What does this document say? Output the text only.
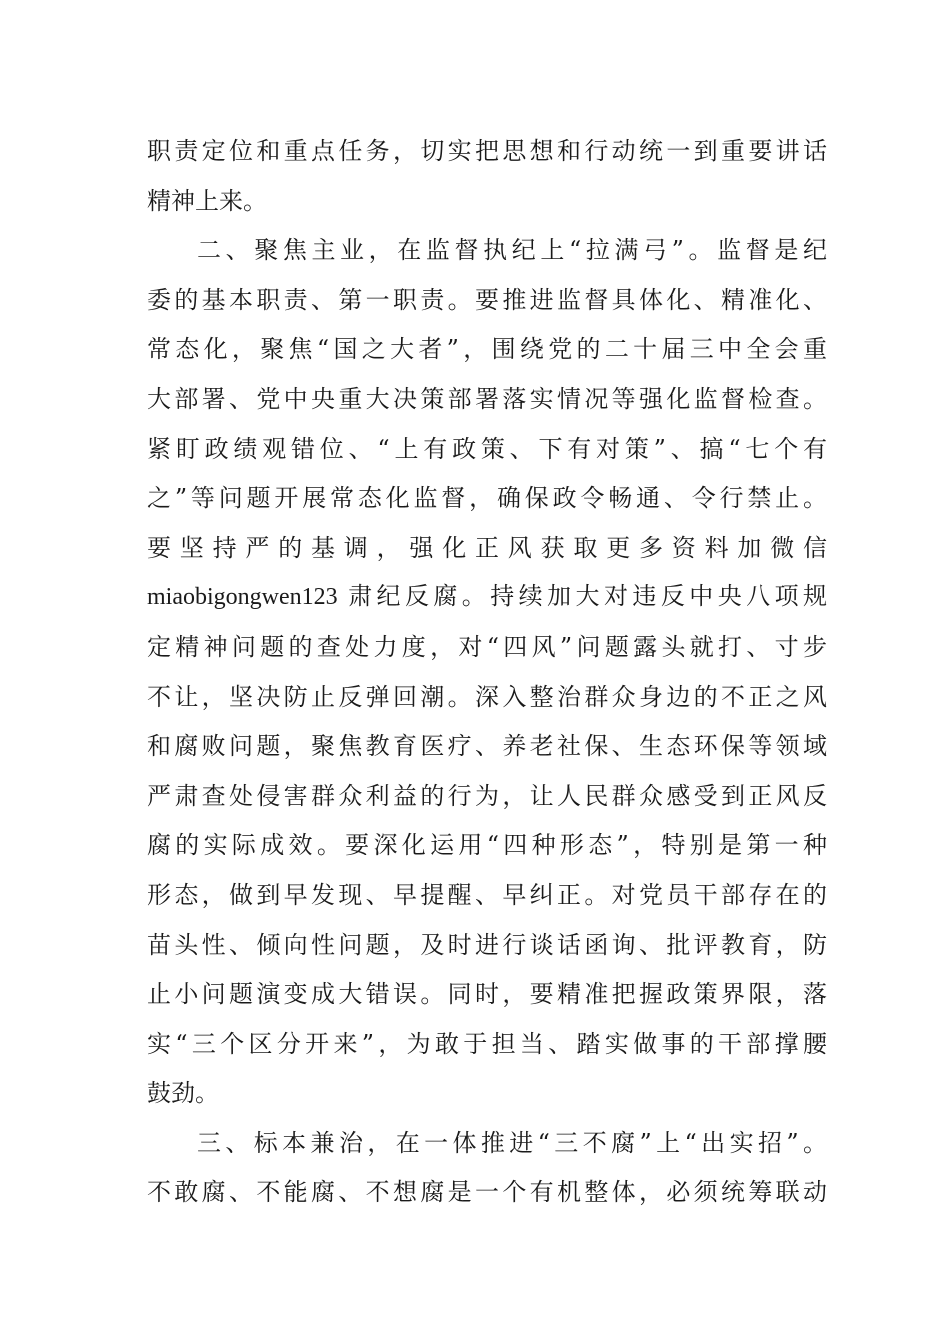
职责定位和重点任务，切实把思想和行动统一到重要讲话
精神上来。
二、聚焦主业，在监督执纪上“拉满弓”。监督是纪
委的基本职责、第一职责。要推进监督具体化、精准化、
常态化，聚焦“国之大者”，围绕党的二十届三中全会重
大部署、党中央重大决策部署落实情况等强化监督检查。
紧盯政绩观错位、“上有政策、下有对策”、搞“七个有
之”等问题开展常态化监督，确保政令畅通、令行禁止。
要坚持严的基调，强化正风获取更多资料加微信
miaobigongwen123 肃纪反腐。持续加大对违反中央八项规
定精神问题的查处力度，对“四风”问题露头就打、寸步
不让，坚决防止反弹回潮。深入整治群众身边的不正之风
和腐败问题，聚焦教育医疗、养老社保、生态环保等领域
严肃查处侵害群众利益的行为，让人民群众感受到正风反
腐的实际成效。要深化运用“四种形态”，特别是第一种
形态，做到早发现、早提醒、早纠正。对党员干部存在的
苗头性、倾向性问题，及时进行谈话函询、批评教育，防
止小问题演变成大错误。同时，要精准把握政策界限，落
实“三个区分开来”，为敢于担当、踏实做事的干部撑腰
鼓劲。
三、标本兼治，在一体推进“三不腐”上“出实招”。
不敢腐、不能腐、不想腐是一个有机整体，必须统筹联动
